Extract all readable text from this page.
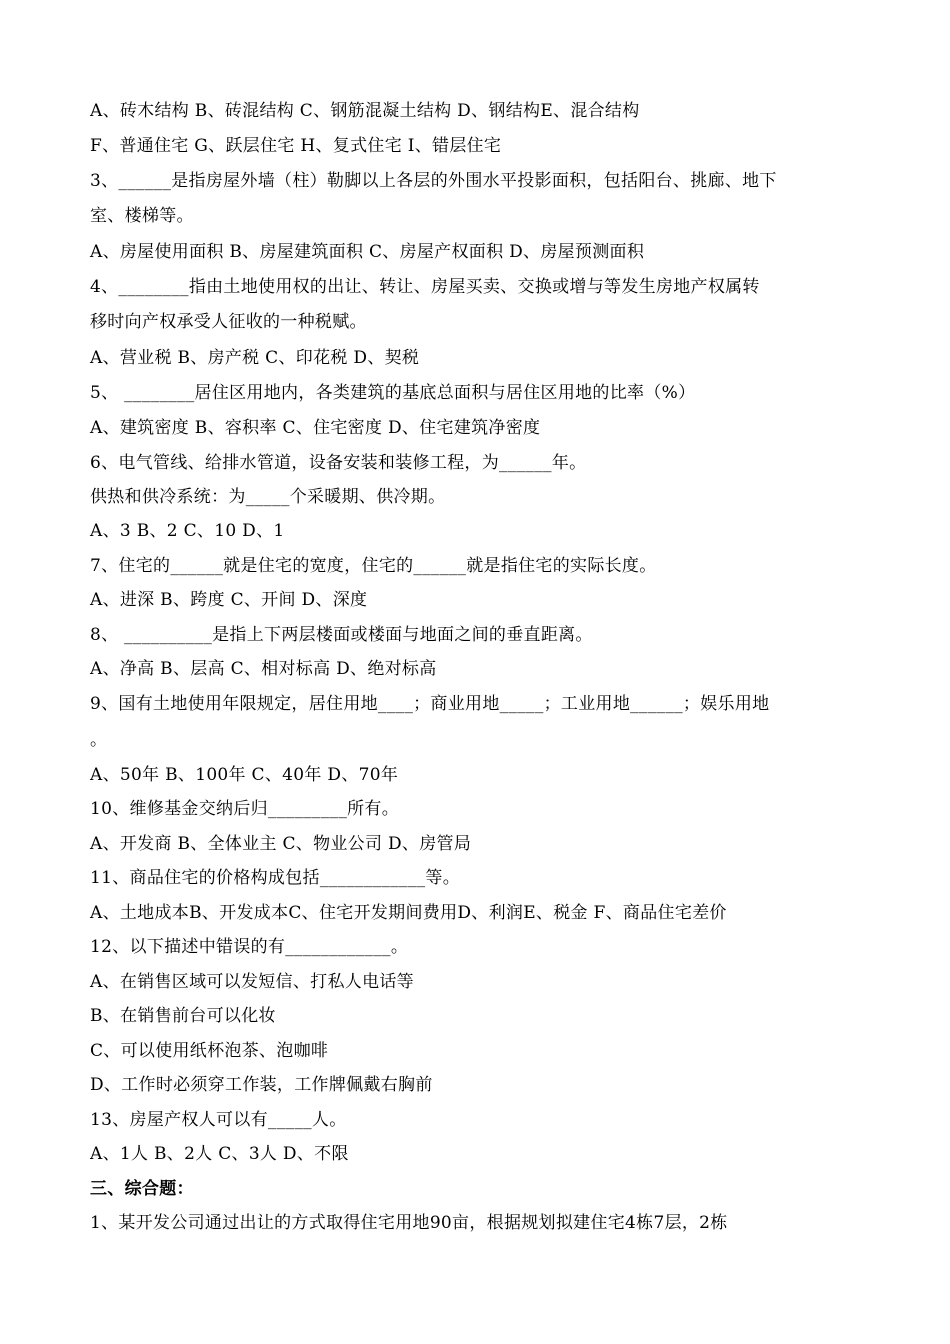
A、砖木结构 B、砖混结构 C、钢筋混凝土结构 D、钢结构E、混合结构
F、普通住宅 G、跃层住宅 H、复式住宅 I、错层住宅
3、______是指房屋外墙（柱）勒脚以上各层的外围水平投影面积，包括阳台、挑廊、地下
室、楼梯等。
A、房屋使用面积 B、房屋建筑面积 C、房屋产权面积 D、房屋预测面积
4、________指由土地使用权的出让、转让、房屋买卖、交换或增与等发生房地产权属转
移时向产权承受人征收的一种税赋。
A、营业税 B、房产税 C、印花税 D、契税
5、 ________居住区用地内，各类建筑的基底总面积与居住区用地的比率（%）
A、建筑密度 B、容积率 C、住宅密度 D、住宅建筑净密度
6、电气管线、给排水管道，设备安装和装修工程，为______年。
供热和供冷系统：为_____个采暖期、供冷期。
A、3 B、2 C、10 D、1
7、住宅的______就是住宅的宽度，住宅的______就是指住宅的实际长度。
A、进深 B、跨度 C、开间 D、深度
8、 __________是指上下两层楼面或楼面与地面之间的垂直距离。
A、净高 B、层高 C、相对标高 D、绝对标高
9、国有土地使用年限规定，居住用地____；商业用地_____；工业用地______；娱乐用地
。
A、50年 B、100年 C、40年 D、70年
10、维修基金交纳后归_________所有。
A、开发商 B、全体业主 C、物业公司 D、房管局
11、商品住宅的价格构成包括____________等。
A、土地成本B、开发成本C、住宅开发期间费用D、利润E、税金 F、商品住宅差价
12、以下描述中错误的有____________。
A、在销售区域可以发短信、打私人电话等
B、在销售前台可以化妆
C、可以使用纸杯泡茶、泡咖啡
D、工作时必须穿工作装，工作牌佩戴右胸前
13、房屋产权人可以有_____人。
A、1人 B、2人 C、3人 D、不限
三、综合题：
1、某开发公司通过出让的方式取得住宅用地90亩，根据规划拟建住宅4栋7层，2栋
